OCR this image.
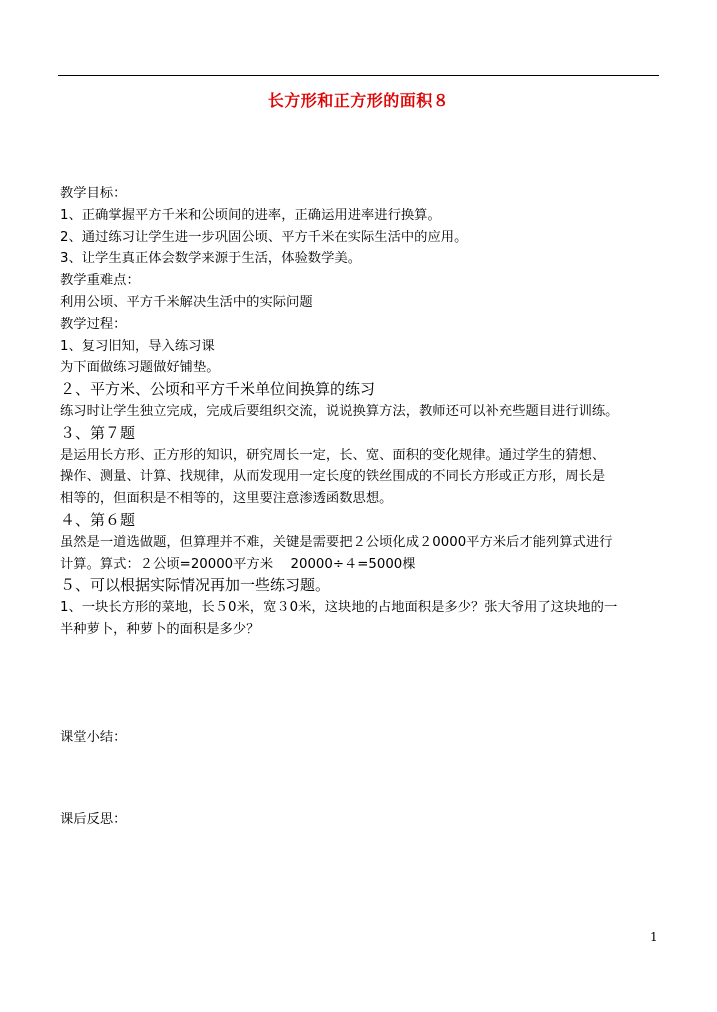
长方形和正方形的面积８

教学目标：

1、正确掌握平方千米和公顷间的进率，正确运用进率进行换算。

2、通过练习让学生进一步巩固公顷、平方千米在实际生活中的应用。

3、让学生真正体会数学来源于生活，体验数学美。

教学重难点：

利用公顷、平方千米解决生活中的实际问题

教学过程：

1、复习旧知，导入练习课

为下面做练习题做好铺垫。

２、平方米、公顷和平方千米单位间换算的练习

练习时让学生独立完成，完成后要组织交流，说说换算方法，教师还可以补充些题目进行训练。

３、第７题

是运用长方形、正方形的知识，研究周长一定，长、宽、面积的变化规律。通过学生的猜想、

操作、测量、计算、找规律，从而发现用一定长度的铁丝围成的不同长方形或正方形，周长是

相等的，但面积是不相等的，这里要注意渗透函数思想。

４、第６题

虽然是一道选做题，但算理并不难，关键是需要把２公顷化成２0000平方米后才能列算式进行

计算。算式：２公顷=20000平方米　 20000÷４=5000棵

５、可以根据实际情况再加一些练习题。

1、一块长方形的菜地，长５0米，宽３0米，这块地的占地面积是多少？张大爷用了这块地的一

半种萝卜，种萝卜的面积是多少？

课堂小结：

课后反思：

1
